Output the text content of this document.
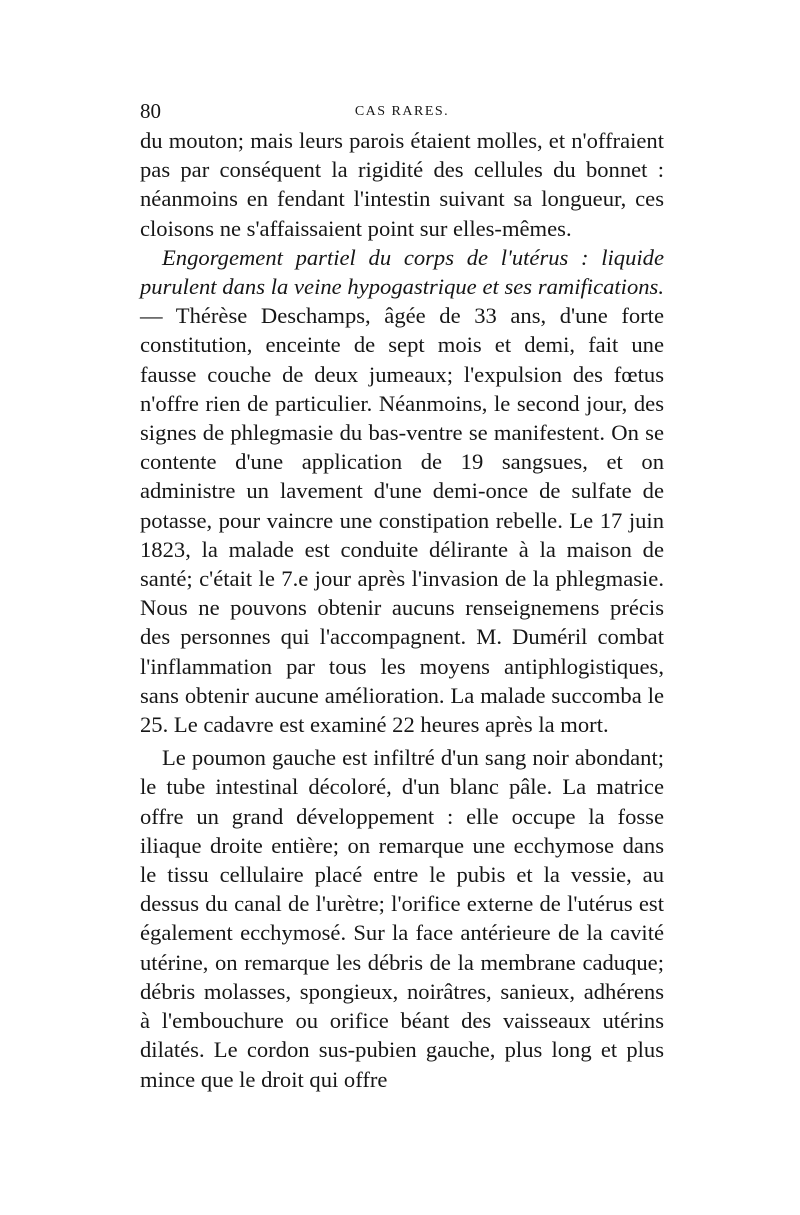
80	CAS RARES.

du mouton; mais leurs parois étaient molles, et n'offraient pas par conséquent la rigidité des cellules du bonnet : néanmoins en fendant l'intestin suivant sa longueur, ces cloisons ne s'affaissaient point sur elles-mêmes.

Engorgement partiel du corps de l'utérus : liquide purulent dans la veine hypogastrique et ses ramifications. — Thérèse Deschamps, âgée de 33 ans, d'une forte constitution, enceinte de sept mois et demi, fait une fausse couche de deux jumeaux; l'expulsion des fœtus n'offre rien de particulier. Néanmoins, le second jour, des signes de phlegmasie du bas-ventre se manifestent. On se contente d'une application de 19 sangsues, et on administre un lavement d'une demi-once de sulfate de potasse, pour vaincre une constipation rebelle. Le 17 juin 1823, la malade est conduite délirante à la maison de santé; c'était le 7.e jour après l'invasion de la phlegmasie. Nous ne pouvons obtenir aucuns renseignemens précis des personnes qui l'accompagnent. M. Duméril combat l'inflammation par tous les moyens antiphlogistiques, sans obtenir aucune amélioration. La malade succomba le 25. Le cadavre est examiné 22 heures après la mort.

Le poumon gauche est infiltré d'un sang noir abondant; le tube intestinal décoloré, d'un blanc pâle. La matrice offre un grand développement : elle occupe la fosse iliaque droite entière; on remarque une ecchymose dans le tissu cellulaire placé entre le pubis et la vessie, au dessus du canal de l'urètre; l'orifice externe de l'utérus est également ecchymosé. Sur la face antérieure de la cavité utérine, on remarque les débris de la membrane caduque; débris molasses, spongieux, noirâtres, sanieux, adhérens à l'embouchure ou orifice béant des vaisseaux utérins dilatés. Le cordon sus-pubien gauche, plus long et plus mince que le droit qui offre
